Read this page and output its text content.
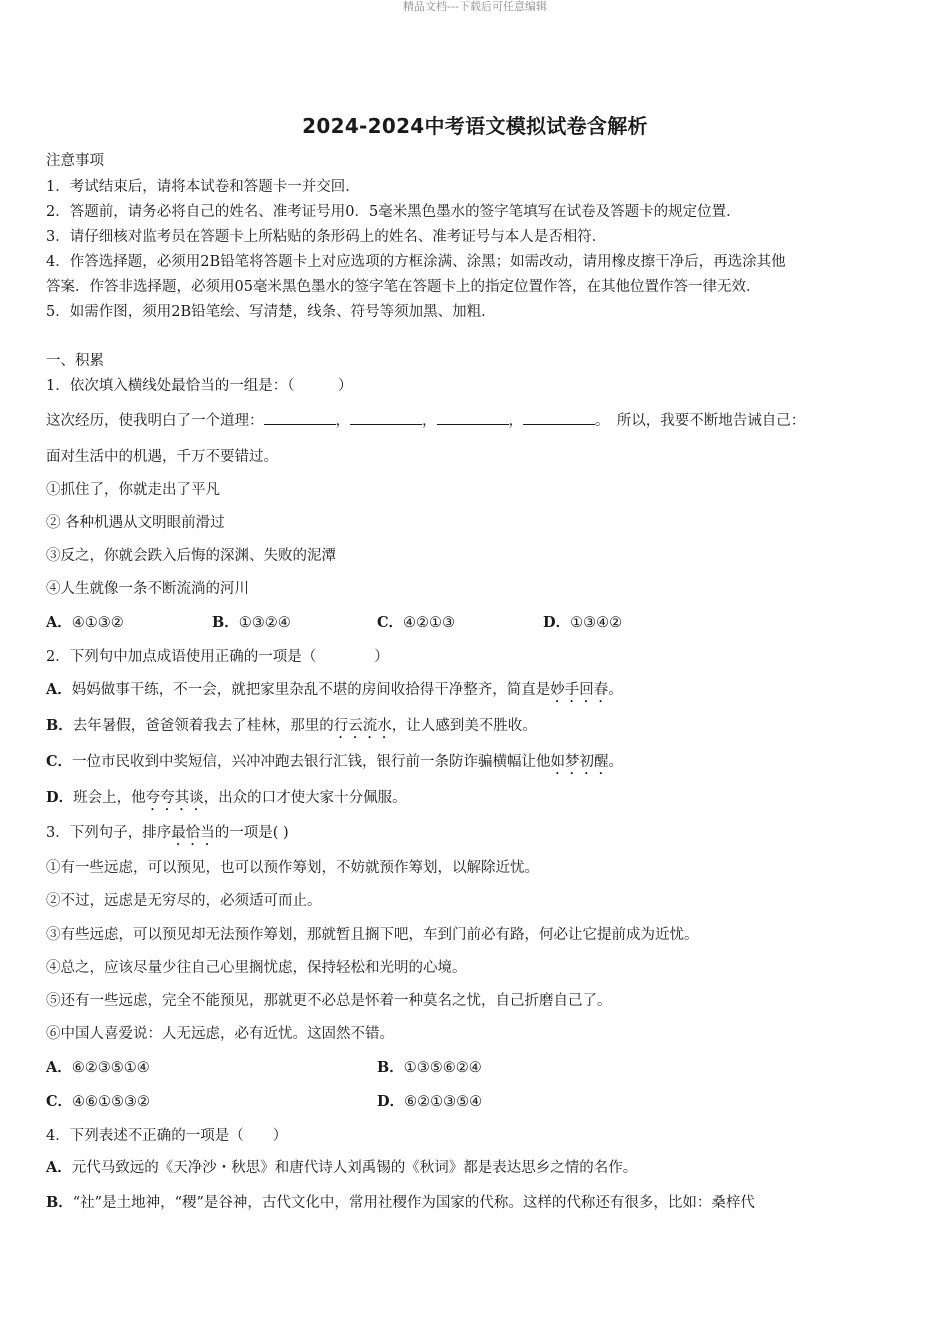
精品文档---下载后可任意编辑
2024-2024中考语文模拟试卷含解析
注意事项
1．考试结束后，请将本试卷和答题卡一并交回．
2．答题前，请务必将自己的姓名、准考证号用0．5毫米黑色墨水的签字笔填写在试卷及答题卡的规定位置．
3．请仔细核对监考员在答题卡上所粘贴的条形码上的姓名、准考证号与本人是否相符．
4．作答选择题，必须用2B铅笔将答题卡上对应选项的方框涂满、涂黑；如需改动，请用橡皮擦干净后，再选涂其他
答案．作答非选择题，必须用05毫米黑色墨水的签字笔在答题卡上的指定位置作答，在其他位置作答一律无效．
5．如需作图，须用2B铅笔绘、写清楚，线条、符号等须加黑、加粗．
一、积累
1．依次填入横线处最恰当的一组是：（　　　）
这次经历，使我明白了一个道理：	，	，	，	。　所以，我要不断地告诫自己：
面对生活中的机遇，千万不要错过。
①抓住了，你就走出了平凡
② 各种机遇从文明眼前滑过
③反之，你就会跌入后悔的深渊、失败的泥潭
④人生就像一条不断流淌的河川
A．④①③②	B．①③②④	C．④②①③	D．①③④②
2．下列句中加点成语使用正确的一项是（　　　　）
A．妈妈做事干练，不一会，就把家里杂乱不堪的房间收拾得干净整齐，简直是妙手回春。
B．去年暑假，爸爸领着我去了桂林，那里的行云流水，让人感到美不胜收。
C．一位市民收到中奖短信，兴冲冲跑去银行汇钱，银行前一条防诈骗横幅让他如梦初醒。
D．班会上，他夸夸其谈，出众的口才使大家十分佩服。
3．下列句子，排序最恰当的一项是( )
①有一些远虑，可以预见，也可以预作筹划，不妨就预作筹划，以解除近忧。
②不过，远虑是无穷尽的，必须适可而止。
③有些远虑，可以预见却无法预作筹划，那就暂且搁下吧，车到门前必有路，何必让它提前成为近忧。
④总之，应该尽量少往自己心里搁忧虑，保持轻松和光明的心境。
⑤还有一些远虑，完全不能预见，那就更不必总是怀着一种莫名之忧，自己折磨自己了。
⑥中国人喜爱说：人无远虑，必有近忧。这固然不错。
A．⑥②③⑤①④	B．①③⑤⑥②④
C．④⑥①⑤③②	D．⑥②①③⑤④
4．下列表述不正确的一项是（　　）
A．元代马致远的《天净沙・秋思》和唐代诗人刘禹锡的《秋词》都是表达思乡之情的名作。
B．“社”是土地神，“稷”是谷神，古代文化中，常用社稷作为国家的代称。这样的代称还有很多，比如：桑梓代
